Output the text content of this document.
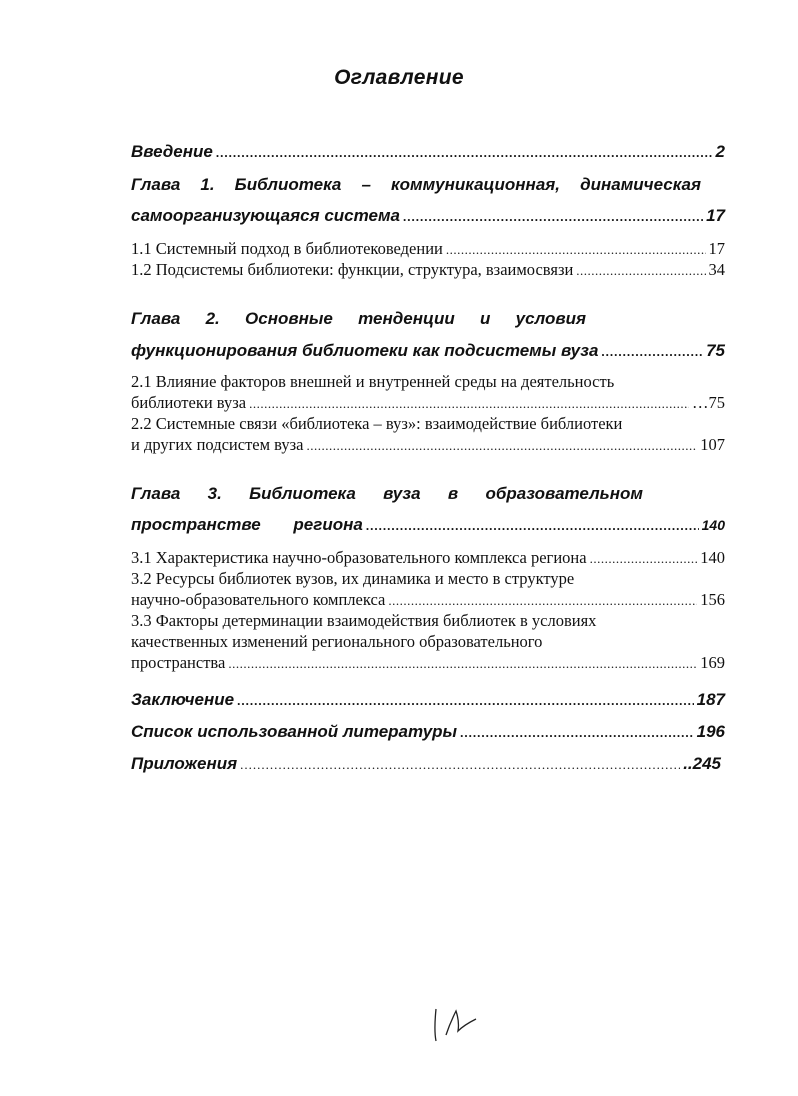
Оглавление
Введение .....	2
Глава 1. Библиотека – коммуникационная, динамическая
самоорганизующаяся система .....	17
1.1 Системный подход в библиотековедении .....	17
1.2 Подсистемы библиотеки: функции, структура, взаимосвязи .....	34
Глава 2. Основные тенденции и условия
функционирования библиотеки как подсистемы вуза .....	75
2.1 Влияние факторов внешней и внутренней среды на деятельность
библиотеки вуза .....	…75
2.2 Системные связи «библиотека – вуз»: взаимодействие библиотеки
и других подсистем вуза .....	107
Глава 3. Библиотека вуза в образовательном
пространстве региона .....	140
3.1 Характеристика научно-образовательного комплекса региона .....	140
3.2 Ресурсы библиотек вузов, их динамика и место в структуре
научно-образовательного комплекса .....	156
3.3 Факторы детерминации взаимодействия библиотек в условиях
качественных изменений регионального образовательного
пространства .....	169
Заключение .....	187
Список использованной литературы .....	196
Приложения .....	..245
